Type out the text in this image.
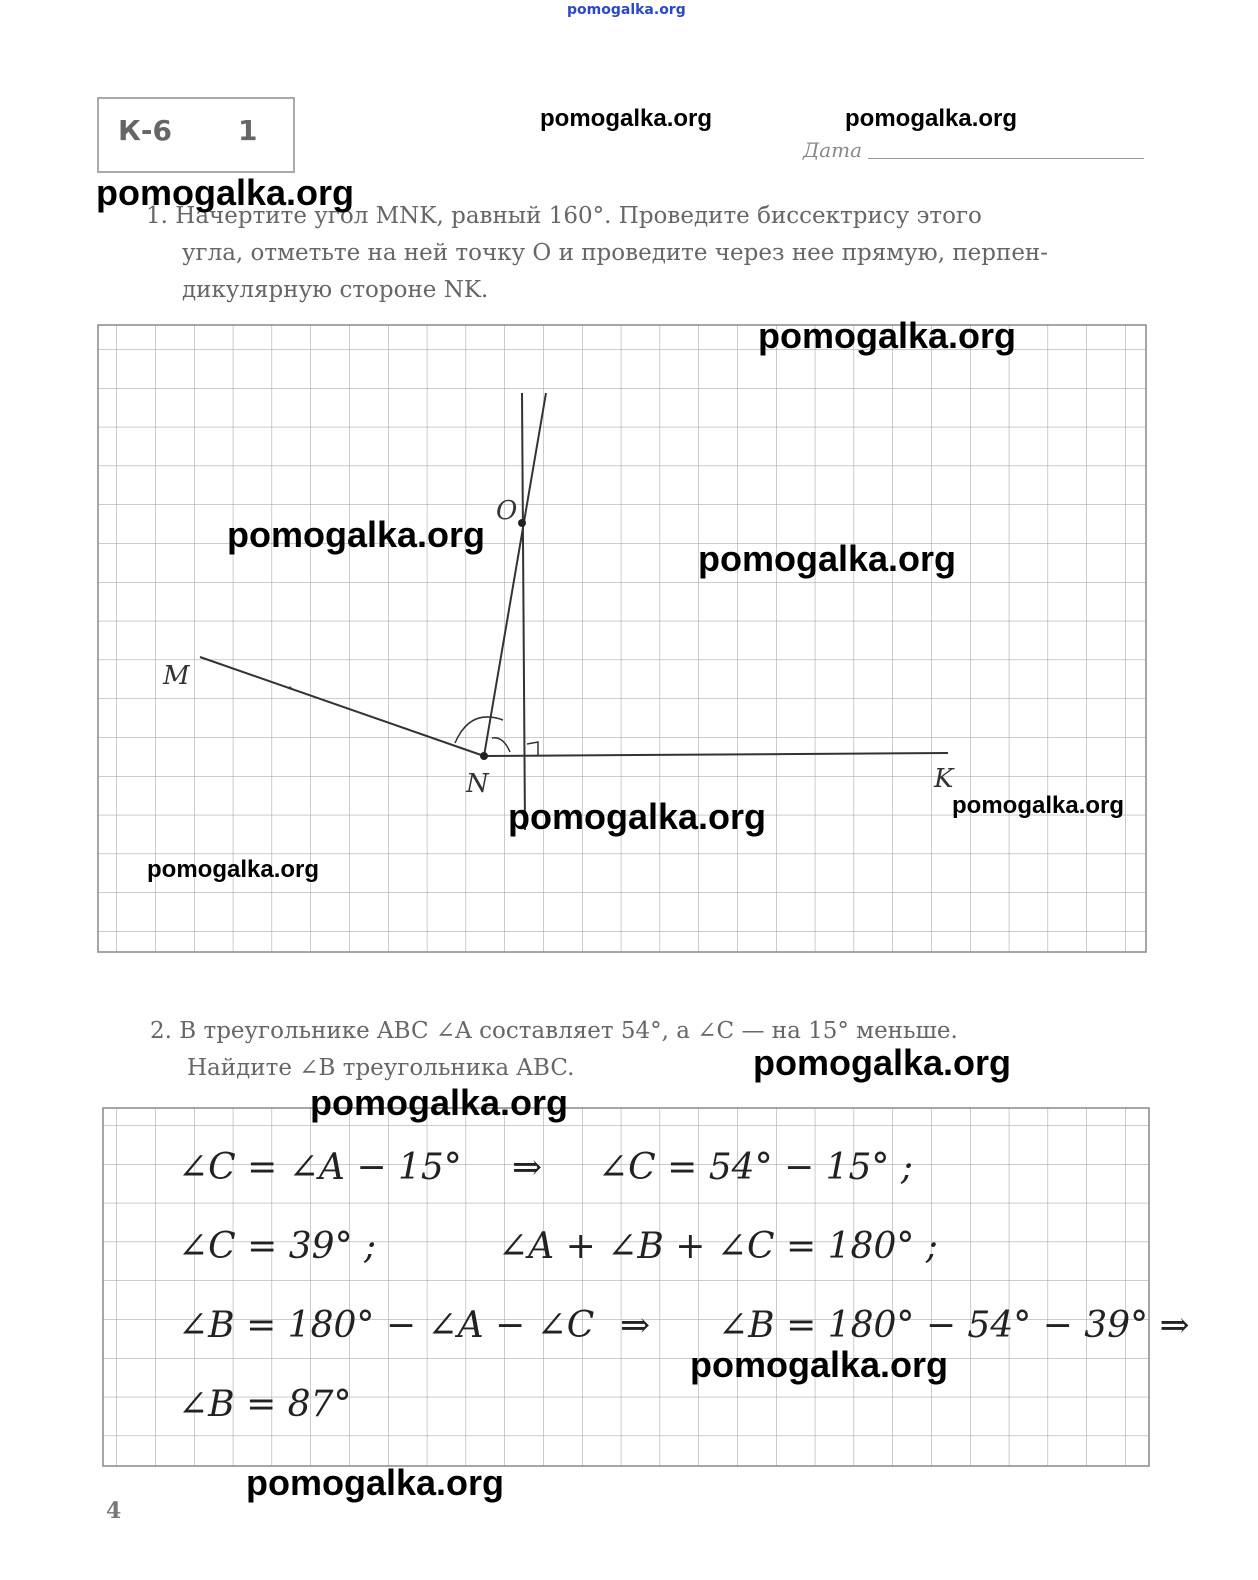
pomogalka.org
К-6 1
Дата
1. Начертите угол MNK, равный 160°. Проведите биссектрису этого
угла, отметьте на ней точку O и проведите через нее прямую, перпен-
дикулярную стороне NK.
M
N	K
O
2. В треугольнике ABC ∠A составляет 54°, а ∠C — на 15° меньше.
Найдите ∠B треугольника ABC.
∠C = ∠A − 15° ⇒ ∠C = 54° − 15° ;
∠C = 39° ;	∠A + ∠B + ∠C = 180° ;
∠B = 180° − ∠A − ∠C ⇒ ∠B = 180° − 54° − 39° ⇒
∠B = 87°
4
pomogalka.org	pomogalka.org
pomogalka.org
pomogalka.org
pomogalka.org
pomogalka.org
pomogalka.org	pomogalka.org
pomogalka.org
pomogalka.org
pomogalka.org
pomogalka.org
pomogalka.org
